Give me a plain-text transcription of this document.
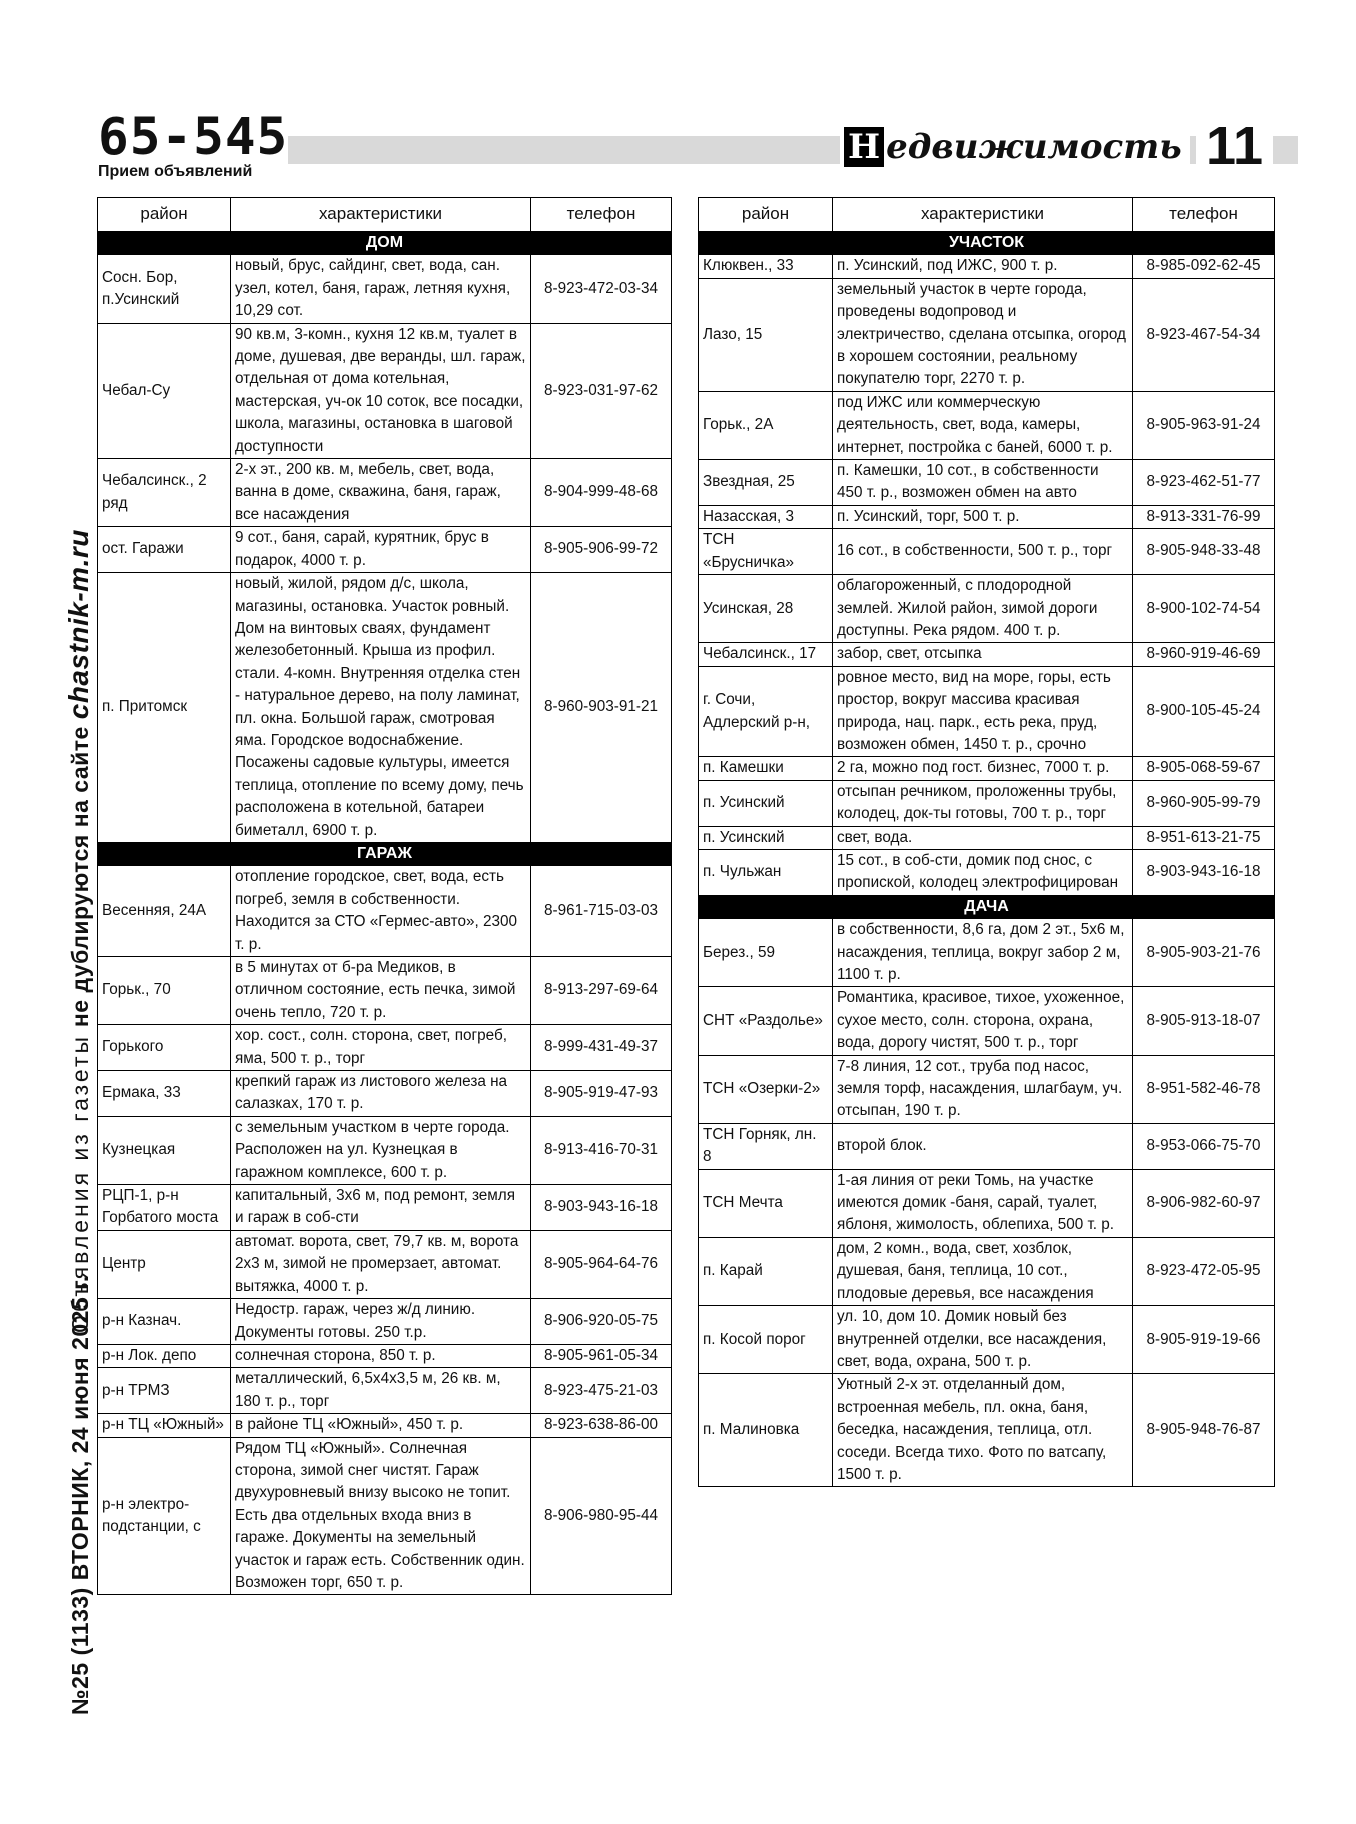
65-545
Прием объявлений
Н едвижимость 11
№25 (1133) ВТОРНИК, 24 июня 2025 г.Объявления из газеты не дублируются на сайте chastnik-m.ru
район	характеристики	телефон
ДОМ		
Сосн. Бор, п.Усинский	новый, брус, сайдинг, свет, вода, сан. узел, котел, баня, гараж, летняя кухня, 10,29 сот.	8-923-472-03-34
Чебал-Су	90 кв.м, 3-комн., кухня 12 кв.м, туалет в доме, душевая, две веранды, шл. гараж, отдельная от дома котельная, мастерская, уч-ок 10 соток, все посадки, школа, магазины, остановка в шаговой доступности	8-923-031-97-62
Чебалсинск., 2 ряд	2-х эт., 200 кв. м, мебель, свет, вода, ванна в доме, скважина, баня, гараж, все насаждения	8-904-999-48-68
ост. Гаражи	9 сот., баня, сарай, курятник, брус в подарок, 4000 т. р.	8-905-906-99-72
п. Притомск	новый, жилой, рядом д/с, школа, магазины, остановка. Участок ровный. Дом на винтовых сваях, фундамент железобетонный. Крыша из профил. стали. 4-комн. Внутренняя отделка стен - натуральное дерево, на полу ламинат, пл. окна. Большой гараж, смотровая яма. Городское водоснабжение. Посажены садовые культуры, имеется теплица, отопление по всему дому, печь расположена в котельной, батареи биметалл, 6900 т. р.	8-960-903-91-21
ГАРАЖ		
Весенняя, 24А	отопление городское, свет, вода, есть погреб, земля в собственности. Находится за СТО «Гермес-авто», 2300 т. р.	8-961-715-03-03
Горьк., 70	в 5 минутах от б-ра Медиков, в отличном состояние, есть печка, зимой очень тепло, 720 т. р.	8-913-297-69-64
Горького	хор. сост., солн. сторона, свет, погреб, яма, 500 т. р., торг	8-999-431-49-37
Ермака, 33	крепкий гараж из листового железа на салазках, 170 т. р.	8-905-919-47-93
Кузнецкая	с земельным участком в черте города. Расположен на ул. Кузнецкая в гаражном комплексе, 600 т. р.	8-913-416-70-31
РЦП-1, р-н Горбатого моста	капитальный, 3х6 м, под ремонт, земля и гараж в соб-сти	8-903-943-16-18
Центр	автомат. ворота, свет, 79,7 кв. м, ворота 2х3 м, зимой не промерзает, автомат. вытяжка, 4000 т. р.	8-905-964-64-76
р-н Казнач.	Недостр. гараж, через ж/д линию. Документы готовы. 250 т.р.	8-906-920-05-75
р-н Лок. депо	солнечная сторона, 850 т. р.	8-905-961-05-34
р-н ТРМЗ	металлический, 6,5х4х3,5 м, 26 кв. м, 180 т. р., торг	8-923-475-21-03
р-н ТЦ «Южный»	в районе ТЦ «Южный», 450 т. р.	8-923-638-86-00
р-н электро-подстанции, с	Рядом ТЦ «Южный». Солнечная сторона, зимой снег чистят. Гараж двухуровневый внизу высоко не топит. Есть два отдельных входа вниз в гараже. Документы на земельный участок и гараж есть. Собственник один. Возможен торг, 650 т. р.	8-906-980-95-44
район	характеристики	телефон
УЧАСТОК		
Клюквен., 33	п. Усинский, под ИЖС, 900 т. р.	8-985-092-62-45
Лазо, 15	земельный участок в черте города, проведены водопровод и электричество, сделана отсыпка, огород в хорошем состоянии, реальному покупателю торг, 2270 т. р.	8-923-467-54-34
Горьк., 2А	под ИЖС или коммерческую деятельность, свет, вода, камеры, интернет, постройка с баней, 6000 т. р.	8-905-963-91-24
Звездная, 25	п. Камешки, 10 сот., в собственности 450 т. р., возможен обмен на авто	8-923-462-51-77
Назасская, 3	п. Усинский, торг, 500 т. р.	8-913-331-76-99
ТСН «Брусничка»	16 сот., в собственности, 500 т. р., торг	8-905-948-33-48
Усинская, 28	облагороженный, с плодородной землей. Жилой район, зимой дороги доступны. Река рядом. 400 т. р.	8-900-102-74-54
Чебалсинск., 17	забор, свет, отсыпка	8-960-919-46-69
г. Сочи, Адлерский р-н,	ровное место, вид на море, горы, есть простор, вокруг массива красивая природа, нац. парк., есть река, пруд, возможен обмен, 1450 т. р., срочно	8-900-105-45-24
п. Камешки	2 га, можно под гост. бизнес, 7000 т. р.	8-905-068-59-67
п. Усинский	отсыпан речником, проложенны трубы, колодец, док-ты готовы, 700 т. р., торг	8-960-905-99-79
п. Усинский	свет, вода.	8-951-613-21-75
п. Чульжан	15 сот., в соб-сти, домик под снос, с пропиской, колодец электрофицирован	8-903-943-16-18
ДАЧА		
Берез., 59	в собственности, 8,6 га, дом 2 эт., 5х6 м, насаждения, теплица, вокруг забор 2 м, 1100 т. р.	8-905-903-21-76
СНТ «Раздолье»	Романтика, красивое, тихое, ухоженное, сухое место, солн. сторона, охрана, вода, дорогу чистят, 500 т. р., торг	8-905-913-18-07
ТСН «Озерки-2»	7-8 линия, 12 сот., труба под насос, земля торф, насаждения, шлагбаум, уч. отсыпан, 190 т. р.	8-951-582-46-78
ТСН Горняк, лн. 8	второй блок.	8-953-066-75-70
ТСН Мечта	1-ая линия от реки Томь, на участке имеются домик -баня, сарай, туалет, яблоня, жимолость, облепиха, 500 т. р.	8-906-982-60-97
п. Карай	дом, 2 комн., вода, свет, хозблок, душевая, баня, теплица, 10 сот., плодовые деревья, все насаждения	8-923-472-05-95
п. Косой порог	ул. 10, дом 10. Домик новый без внутренней отделки, все насаждения, свет, вода, охрана, 500 т. р.	8-905-919-19-66
п. Малиновка	Уютный 2-х эт. отделанный дом, встроенная мебель, пл. окна, баня, беседка, насаждения, теплица, отл. соседи. Всегда тихо. Фото по ватсапу, 1500 т. р.	8-905-948-76-87
